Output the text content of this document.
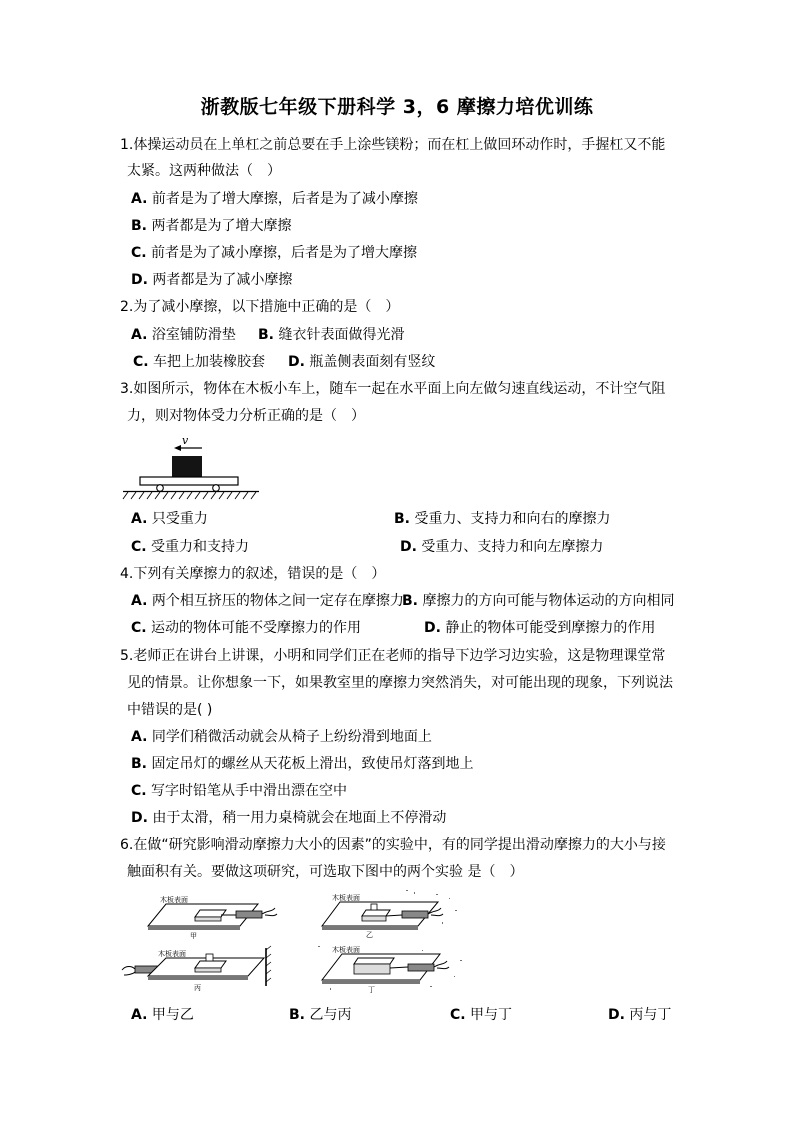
浙教版七年级下册科学 3，6 摩擦力培优训练
1.体操运动员在上单杠之前总要在手上涂些镁粉；而在杠上做回环动作时，手握杠又不能
太紧。这两种做法（　）
A. 前者是为了增大摩擦，后者是为了减小摩擦
B. 两者都是为了增大摩擦
C. 前者是为了减小摩擦，后者是为了增大摩擦
D. 两者都是为了减小摩擦
2.为了减小摩擦，以下措施中正确的是（　）
A. 浴室铺防滑垫 B. 缝衣针表面做得光滑
C. 车把上加装橡胶套 D. 瓶盖侧表面刻有竖纹
3.如图所示，物体在木板小车上，随车一起在水平面上向左做匀速直线运动，不计空气阻
力，则对物体受力分析正确的是（　）
v
A. 只受重力	B. 受重力、支持力和向右的摩擦力
C. 受重力和支持力	D. 受重力、支持力和向左摩擦力
4.下列有关摩擦力的叙述，错误的是（　）
A. 两个相互挤压的物体之间一定存在摩擦力
B. 摩擦力的方向可能与物体运动的方向相同
C. 运动的物体可能不受摩擦力的作用	D. 静止的物体可能受到摩擦力的作用
5.老师正在讲台上讲课，小明和同学们正在老师的指导下边学习边实验，这是物理课堂常
见的情景。让你想象一下，如果教室里的摩擦力突然消失，对可能出现的现象，下列说法
中错误的是( )
A. 同学们稍微活动就会从椅子上纷纷滑到地面上
B. 固定吊灯的螺丝从天花板上滑出，致使吊灯落到地上
C. 写字时铅笔从手中滑出漂在空中
D. 由于太滑，稍一用力桌椅就会在地面上不停滑动
6.在做“研究影响滑动摩擦力大小的因素”的实验中，有的同学提出滑动摩擦力的大小与接
触面积有关。要做这项研究，可选取下图中的两个实验 是（　）
木板表面
甲
木板表面
乙
木板表面
丙
木板表面
丁
A. 甲与乙	B. 乙与丙	C. 甲与丁	D. 丙与丁
